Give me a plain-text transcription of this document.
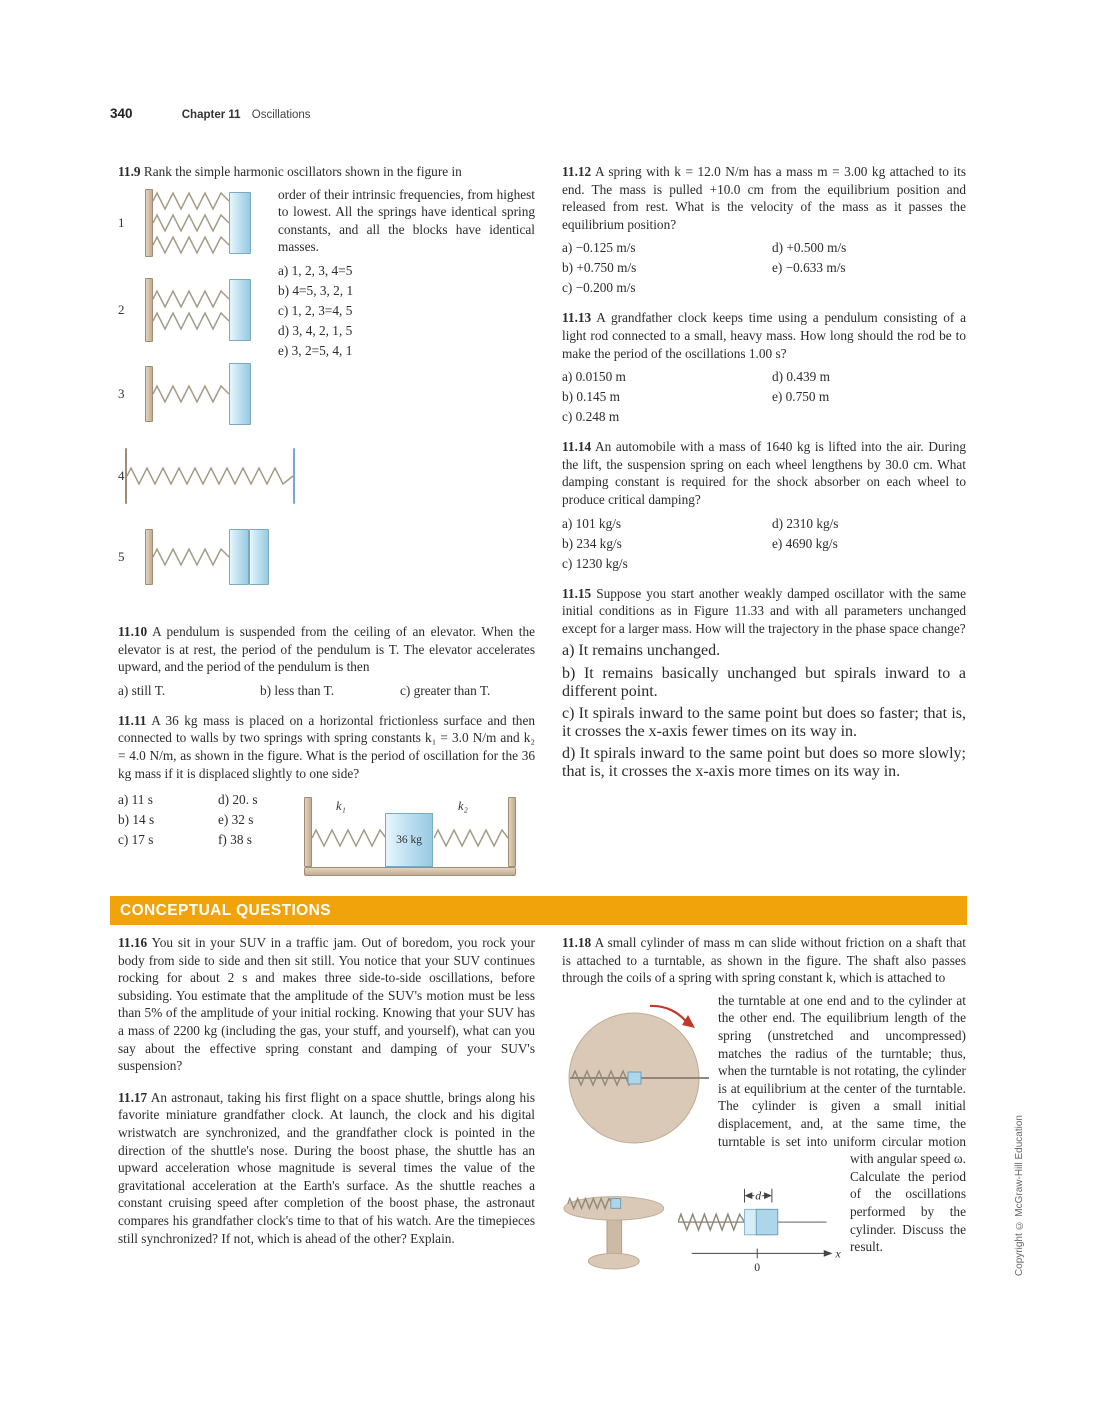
340	Chapter 11 Oscillations

11.9 Rank the simple harmonic oscillators shown in the figure in

1
2
3
4
5

order of their intrinsic frequencies, from highest to lowest. All the springs have identical spring constants, and all the blocks have identical masses.

a) 1, 2, 3, 4=5
b) 4=5, 3, 2, 1
c) 1, 2, 3=4, 5
d) 3, 4, 2, 1, 5
e) 3, 2=5, 4, 1

11.10 A pendulum is suspended from the ceiling of an elevator. When the elevator is at rest, the period of the pendulum is T. The elevator accelerates upward, and the period of the pendulum is then

a) still T.	b) less than T.	c) greater than T.

11.11 A 36 kg mass is placed on a horizontal frictionless surface and then connected to walls by two springs with spring constants k₁ = 3.0 N/m and k₂ = 4.0 N/m, as shown in the figure. What is the period of oscillation for the 36 kg mass if it is displaced slightly to one side?

a) 11 s
b) 14 s
c) 17 s
d) 20. s
e) 32 s
f) 38 s
k₁	k₂
36 kg

11.12 A spring with k = 12.0 N/m has a mass m = 3.00 kg attached to its end. The mass is pulled +10.0 cm from the equilibrium position and released from rest. What is the velocity of the mass as it passes the equilibrium position?

a) −0.125 m/s
b) +0.750 m/s
c) −0.200 m/s
d) +0.500 m/s
e) −0.633 m/s

11.13 A grandfather clock keeps time using a pendulum consisting of a light rod connected to a small, heavy mass. How long should the rod be to make the period of the oscillations 1.00 s?

a) 0.0150 m
b) 0.145 m
c) 0.248 m
d) 0.439 m
e) 0.750 m

11.14 An automobile with a mass of 1640 kg is lifted into the air. During the lift, the suspension spring on each wheel lengthens by 30.0 cm. What damping constant is required for the shock absorber on each wheel to produce critical damping?

a) 101 kg/s
b) 234 kg/s
c) 1230 kg/s
d) 2310 kg/s
e) 4690 kg/s

11.15 Suppose you start another weakly damped oscillator with the same initial conditions as in Figure 11.33 and with all parameters unchanged except for a larger mass. How will the trajectory in the phase space change?

a) It remains unchanged.
b) It remains basically unchanged but spirals inward to a different point.
c) It spirals inward to the same point but does so faster; that is, it crosses the x-axis fewer times on its way in.
d) It spirals inward to the same point but does so more slowly; that is, it crosses the x-axis more times on its way in.
CONCEPTUAL QUESTIONS

11.16 You sit in your SUV in a traffic jam. Out of boredom, you rock your body from side to side and then sit still. You notice that your SUV continues rocking for about 2 s and makes three side-to-side oscillations, before subsiding. You estimate that the amplitude of the SUV's motion must be less than 5% of the amplitude of your initial rocking. Knowing that your SUV has a mass of 2200 kg (including the gas, your stuff, and yourself), what can you say about the effective spring constant and damping of your SUV's suspension?

11.17 An astronaut, taking his first flight on a space shuttle, brings along his favorite miniature grandfather clock. At launch, the clock and his digital wristwatch are synchronized, and the grandfather clock is pointed in the direction of the shuttle's nose. During the boost phase, the shuttle has an upward acceleration whose magnitude is several times the value of the gravitational acceleration at the Earth's surface. As the shuttle reaches a constant cruising speed after completion of the boost phase, the astronaut compares his grandfather clock's time to that of his watch. Are the timepieces still synchronized? If not, which is ahead of the other? Explain.

11.18 A small cylinder of mass m can slide without friction on a shaft that is attached to a turntable, as shown in the figure. The shaft also passes through the coils of a spring with spring constant k, which is attached to

d
x
0

the turntable at one end and to the cylinder at the other end. The equilibrium length of the spring (unstretched and uncompressed) matches the radius of the turntable; thus, when the turntable is not rotating, the cylinder is at equilibrium at the center of the turntable. The cylinder is given a small initial displacement, and, at the same time, the turntable is set into uniform circular motion with angular speed ω. Calculate the period of the oscillations performed by the cylinder. Discuss the result.	Copyright © McGraw-Hill Education
